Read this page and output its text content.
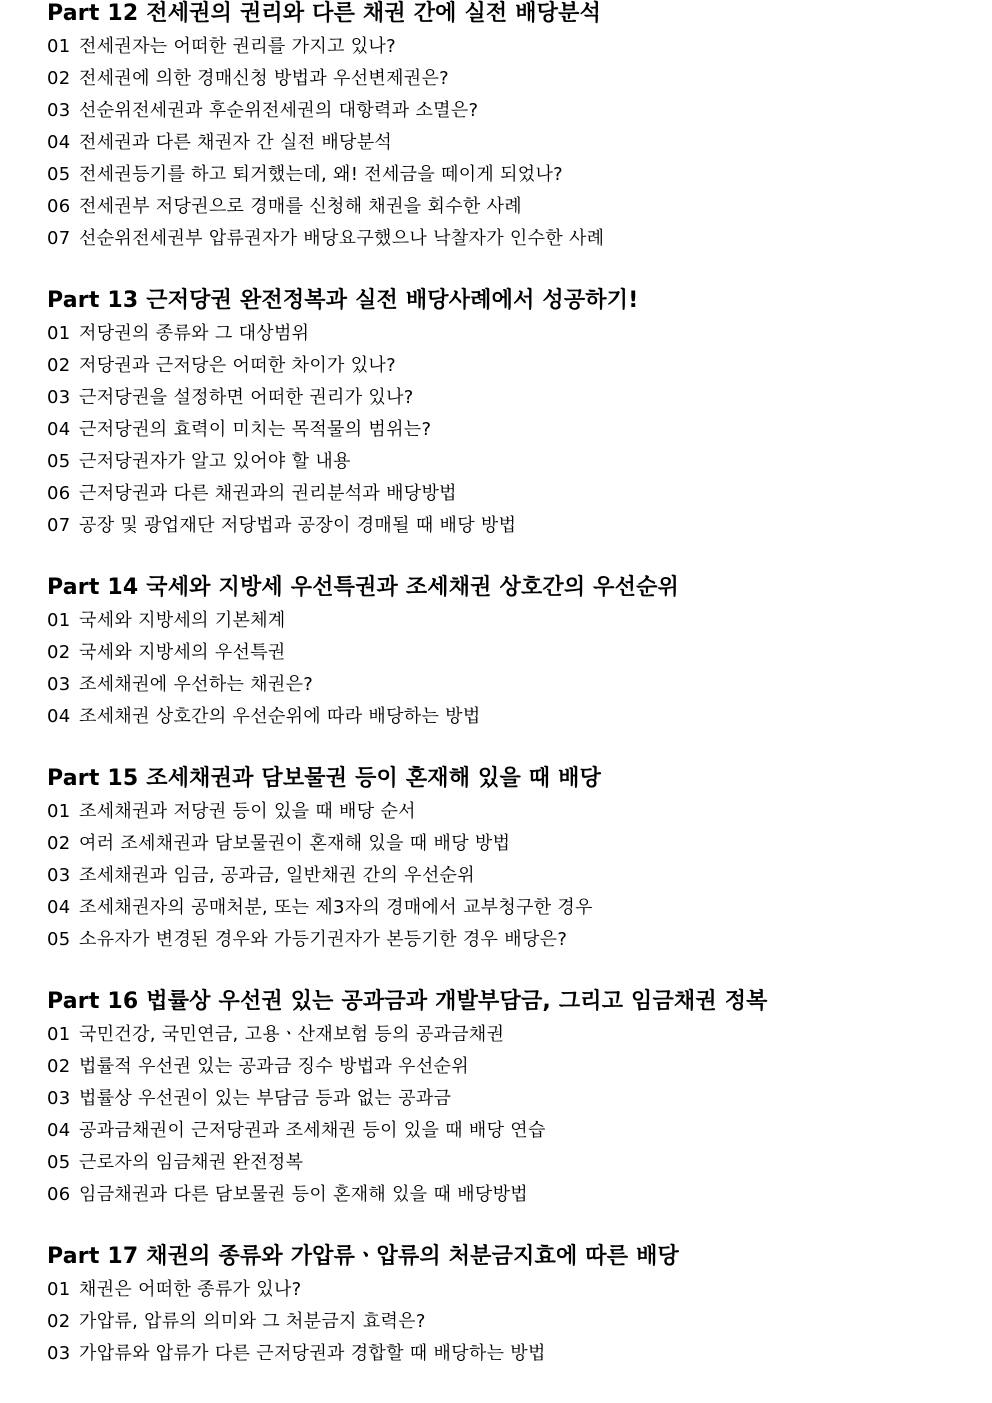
Part 12 전세권의 권리와 다른 채권 간에 실전 배당분석
01 전세권자는 어떠한 권리를 가지고 있나?
02 전세권에 의한 경매신청 방법과 우선변제권은?
03 선순위전세권과 후순위전세권의 대항력과 소멸은?
04 전세권과 다른 채권자 간 실전 배당분석
05 전세권등기를 하고 퇴거했는데, 왜! 전세금을 떼이게 되었나?
06 전세권부 저당권으로 경매를 신청해 채권을 회수한 사례
07 선순위전세권부 압류권자가 배당요구했으나 낙찰자가 인수한 사례
Part 13 근저당권 완전정복과 실전 배당사례에서 성공하기!
01 저당권의 종류와 그 대상범위
02 저당권과 근저당은 어떠한 차이가 있나?
03 근저당권을 설정하면 어떠한 권리가 있나?
04 근저당권의 효력이 미치는 목적물의 범위는?
05 근저당권자가 알고 있어야 할 내용
06 근저당권과 다른 채권과의 권리분석과 배당방법
07 공장 및 광업재단 저당법과 공장이 경매될 때 배당 방법
Part 14 국세와 지방세 우선특권과 조세채권 상호간의 우선순위
01 국세와 지방세의 기본체계
02 국세와 지방세의 우선특권
03 조세채권에 우선하는 채권은?
04 조세채권 상호간의 우선순위에 따라 배당하는 방법
Part 15 조세채권과 담보물권 등이 혼재해 있을 때 배당
01 조세채권과 저당권 등이 있을 때 배당 순서
02 여러 조세채권과 담보물권이 혼재해 있을 때 배당 방법
03 조세채권과 임금, 공과금, 일반채권 간의 우선순위
04 조세채권자의 공매처분, 또는 제3자의 경매에서 교부청구한 경우
05 소유자가 변경된 경우와 가등기권자가 본등기한 경우 배당은?
Part 16 법률상 우선권 있는 공과금과 개발부담금, 그리고 임금채권 정복
01 국민건강, 국민연금, 고용ㆍ산재보험 등의 공과금채권
02 법률적 우선권 있는 공과금 징수 방법과 우선순위
03 법률상 우선권이 있는 부담금 등과 없는 공과금
04 공과금채권이 근저당권과 조세채권 등이 있을 때 배당 연습
05 근로자의 임금채권 완전정복
06 임금채권과 다른 담보물권 등이 혼재해 있을 때 배당방법
Part 17 채권의 종류와 가압류ㆍ압류의 처분금지효에 따른 배당
01 채권은 어떠한 종류가 있나?
02 가압류, 압류의 의미와 그 처분금지 효력은?
03 가압류와 압류가 다른 근저당권과 경합할 때 배당하는 방법
